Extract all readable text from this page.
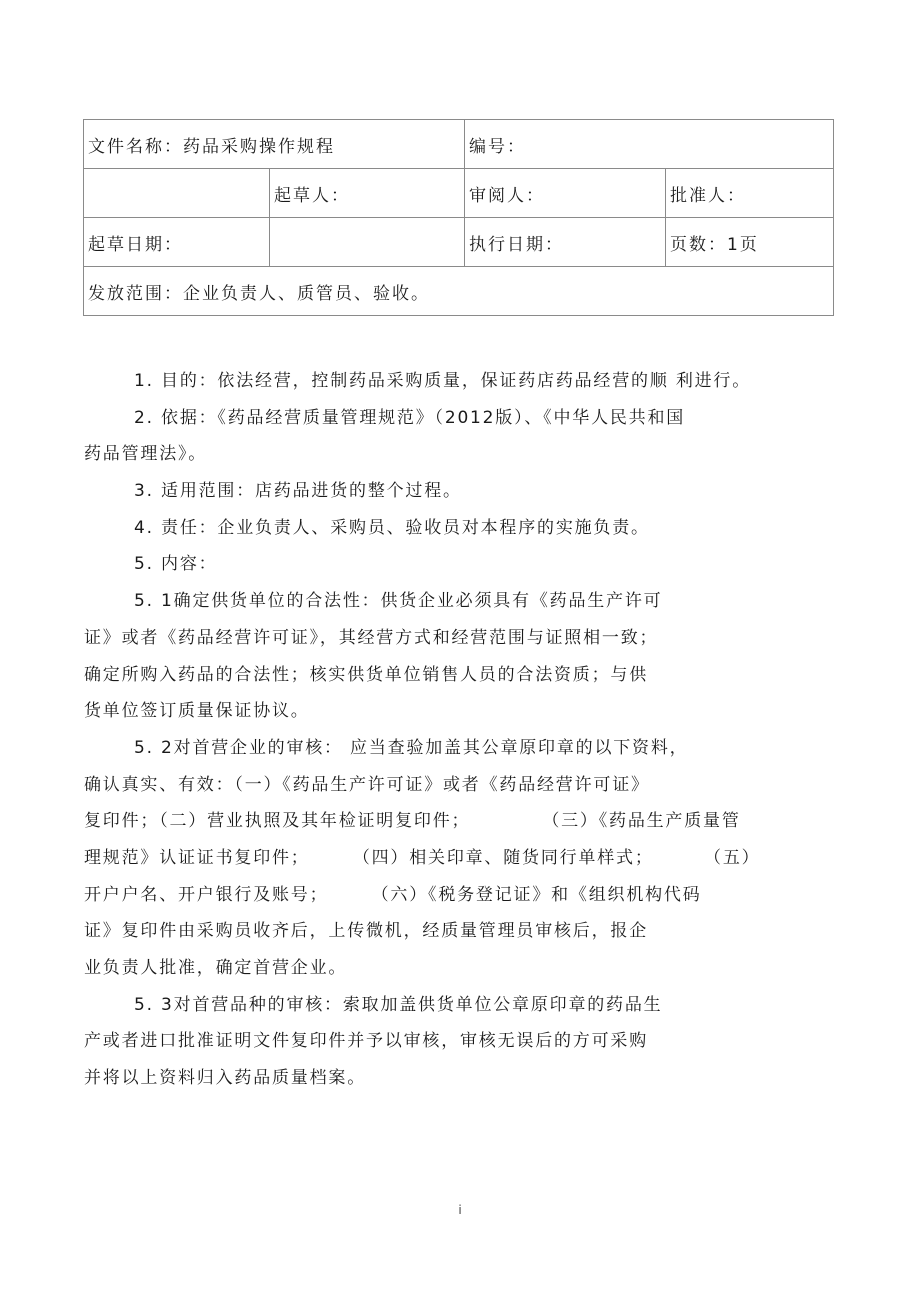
文件名称：药品采购操作规程		编号：	
	起草人：	审阅人：	批准人：
起草日期：		执行日期：	页数：1页
发放范围：企业负责人、质管员、验收。			
1. 目的：依法经营，控制药品采购质量，保证药店药品经营的顺 利进行。
2. 依据：《药品经营质量管理规范》（2012版）、《中华人民共和国
药品管理法》。
3. 适用范围：店药品进货的整个过程。
4. 责任：企业负责人、采购员、验收员对本程序的实施负责。
5. 内容：
5. 1确定供货单位的合法性：供货企业必须具有《药品生产许可
证》或者《药品经营许可证》，其经营方式和经营范围与证照相一致；
确定所购入药品的合法性；核实供货单位销售人员的合法资质；与供
货单位签订质量保证协议。
5. 2对首营企业的审核： 应当查验加盖其公章原印章的以下资料，
确认真实、有效：（一）《药品生产许可证》或者《药品经营许可证》
复印件；（二）营业执照及其年检证明复印件；          （三）《药品生产质量管
理规范》认证证书复印件；      （四）相关印章、随货同行单样式；       （五）
开户户名、开户银行及账号；      （六）《税务登记证》和《组织机构代码
证》复印件由采购员收齐后，上传微机，经质量管理员审核后，报企
业负责人批准，确定首营企业。
5. 3对首营品种的审核：索取加盖供货单位公章原印章的药品生
产或者进口批准证明文件复印件并予以审核，审核无误后的方可采购
并将以上资料归入药品质量档案。
i
